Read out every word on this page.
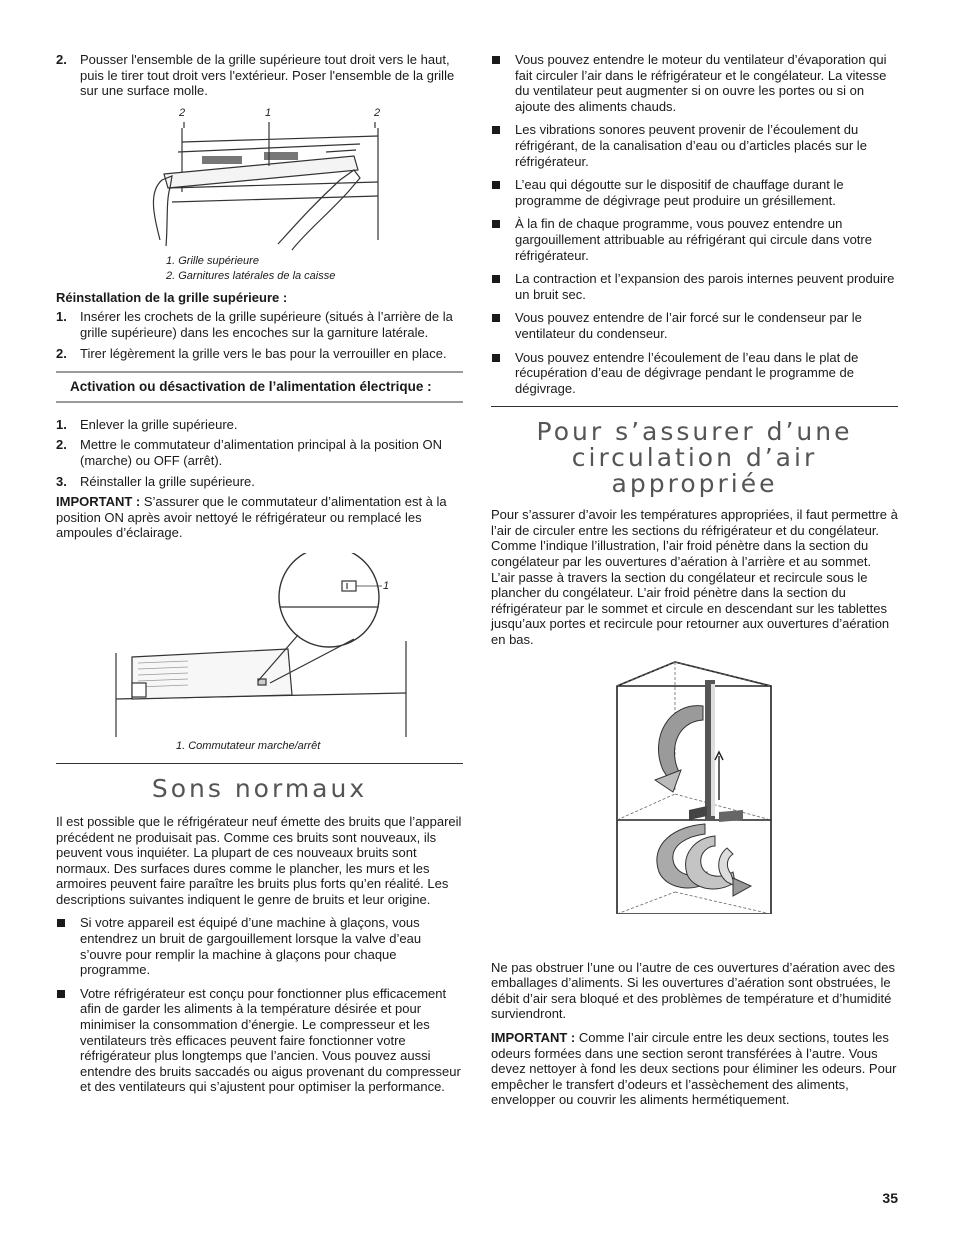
2.	Pousser l'ensemble de la grille supérieure tout droit vers le haut, puis le tirer tout droit vers l'extérieur. Poser l'ensemble de la grille sur une surface molle.
2	1	2
1. Grille supérieure
2. Garnitures latérales de la caisse
Réinstallation de la grille supérieure :
1.	Insérer les crochets de la grille supérieure (situés à l’arrière de la grille supérieure) dans les encoches sur la garniture latérale.
2.	Tirer légèrement la grille vers le bas pour la verrouiller en place.
Activation ou désactivation de l’alimentation électrique :
1.	Enlever la grille supérieure.
2.	Mettre le commutateur d’alimentation principal à la position ON (marche) ou OFF (arrêt).
3.	Réinstaller la grille supérieure.

IMPORTANT : S’assurer que le commutateur d’alimentation est à la position ON après avoir nettoyé le réfrigérateur ou remplacé les ampoules d’éclairage.

1
1. Commutateur marche/arrêt
Sons normaux

Il est possible que le réfrigérateur neuf émette des bruits que l’appareil précédent ne produisait pas. Comme ces bruits sont nouveaux, ils peuvent vous inquiéter. La plupart de ces nouveaux bruits sont normaux. Des surfaces dures comme le plancher, les murs et les armoires peuvent faire paraître les bruits plus forts qu’en réalité. Les descriptions suivantes indiquent le genre de bruits et leur origine.

Si votre appareil est équipé d’une machine à glaçons, vous entendrez un bruit de gargouillement lorsque la valve d’eau s’ouvre pour remplir la machine à glaçons pour chaque programme.
Votre réfrigérateur est conçu pour fonctionner plus efficacement afin de garder les aliments à la température désirée et pour minimiser la consommation d’énergie. Le compresseur et les ventilateurs très efficaces peuvent faire fonctionner votre réfrigérateur plus longtemps que l’ancien. Vous pouvez aussi entendre des bruits saccadés ou aigus provenant du compresseur et des ventilateurs qui s’ajustent pour optimiser la performance.
Vous pouvez entendre le moteur du ventilateur d’évaporation qui fait circuler l’air dans le réfrigérateur et le congélateur. La vitesse du ventilateur peut augmenter si on ouvre les portes ou si on ajoute des aliments chauds.
Les vibrations sonores peuvent provenir de l’écoulement du réfrigérant, de la canalisation d’eau ou d’articles placés sur le réfrigérateur.
L’eau qui dégoutte sur le dispositif de chauffage durant le programme de dégivrage peut produire un grésillement.
À la fin de chaque programme, vous pouvez entendre un gargouillement attribuable au réfrigérant qui circule dans votre réfrigérateur.
La contraction et l’expansion des parois internes peuvent produire un bruit sec.
Vous pouvez entendre de l’air forcé sur le condenseur par le ventilateur du condenseur.
Vous pouvez entendre l’écoulement de l’eau dans le plat de récupération d’eau de dégivrage pendant le programme de dégivrage.
Pour s’assurer d’une
circulation d’air appropriée

Pour s’assurer d’avoir les températures appropriées, il faut permettre à l’air de circuler entre les sections du réfrigérateur et du congélateur. Comme l’indique l’illustration, l’air froid pénètre dans la section du congélateur par les ouvertures d’aération à l’arrière et au sommet. L’air passe à travers la section du congélateur et recircule sous le plancher du congélateur. L’air froid pénètre dans la section du réfrigérateur par le sommet et circule en descendant sur les tablettes jusqu’aux portes et recircule pour retourner aux ouvertures d’aération en bas.

Ne pas obstruer l’une ou l’autre de ces ouvertures d’aération avec des emballages d’aliments. Si les ouvertures d’aération sont obstruées, le débit d’air sera bloqué et des problèmes de température et d’humidité surviendront.

IMPORTANT : Comme l’air circule entre les deux sections, toutes les odeurs formées dans une section seront transférées à l’autre. Vous devez nettoyer à fond les deux sections pour éliminer les odeurs. Pour empêcher le transfert d’odeurs et l’assèchement des aliments, envelopper ou couvrir les aliments hermétiquement.

35
